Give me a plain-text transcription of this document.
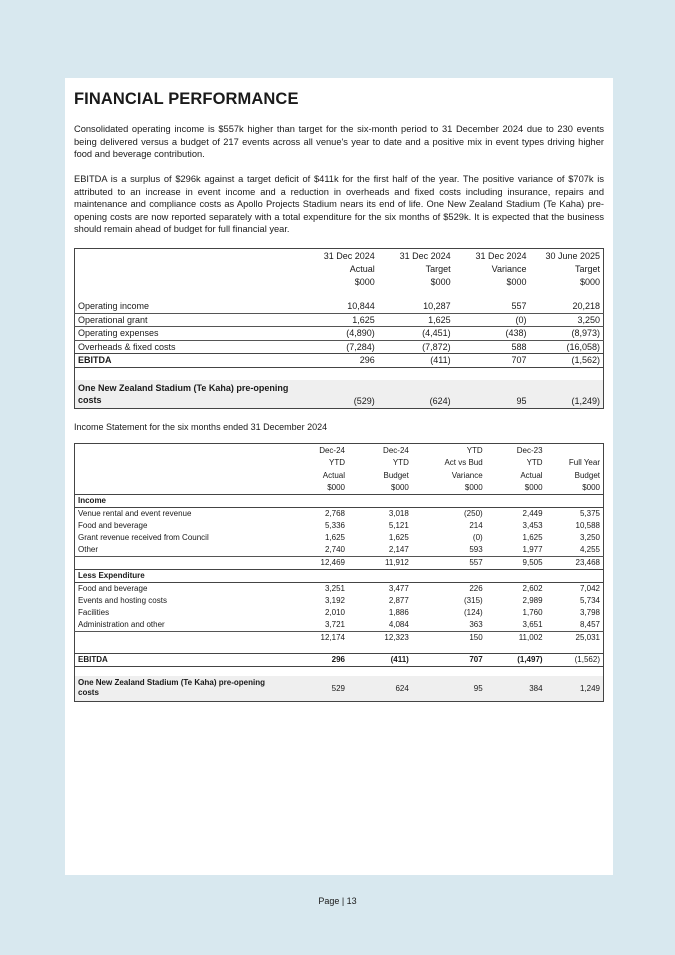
FINANCIAL PERFORMANCE

Consolidated operating income is $557k higher than target for the six-month period to 31 December 2024 due to 230 events being delivered versus a budget of 217 events across all venue's year to date and a positive mix in event types driving higher food and beverage contribution.

EBITDA is a surplus of $296k against a target deficit of $411k for the first half of the year. The positive variance of $707k is attributed to an increase in event income and a reduction in overheads and fixed costs including insurance, repairs and maintenance and compliance costs as Apollo Projects Stadium nears its end of life. One New Zealand Stadium (Te Kaha) pre-opening costs are now reported separately with a total expenditure for the six months of $529k. It is expected that the business should remain ahead of budget for full financial year.

	31 Dec 2024	31 Dec 2024	31 Dec 2024	30 June 2025
	Actual	Target	Variance	Target
	$000	$000	$000	$000

Operating income	10,844	10,287	557	20,218
Operational grant	1,625	1,625	(0)	3,250
Operating expenses	(4,890)	(4,451)	(438)	(8,973)
Overheads & fixed costs	(7,284)	(7,872)	588	(16,058)
EBITDA	296	(411)	707	(1,562)

One New Zealand Stadium (Te Kaha) pre-opening costs	(529)	(624)	95	(1,249)
Income Statement for the six months ended 31 December 2024
	Dec-24	Dec-24	YTD	Dec-23	
	YTD	YTD	Act vs Bud	YTD	Full Year
	Actual	Budget	Variance	Actual	Budget
	$000	$000	$000	$000	$000
Income					
Venue rental and event revenue	2,768	3,018	(250)	2,449	5,375
Food and beverage	5,336	5,121	214	3,453	10,588
Grant revenue received from Council	1,625	1,625	(0)	1,625	3,250
Other	2,740	2,147	593	1,977	4,255
	12,469	11,912	557	9,505	23,468
Less Expenditure					
Food and beverage	3,251	3,477	226	2,602	7,042
Events and hosting costs	3,192	2,877	(315)	2,989	5,734
Facilities	2,010	1,886	(124)	1,760	3,798
Administration and other	3,721	4,084	363	3,651	8,457
	12,174	12,323	150	11,002	25,031

EBITDA	296	(411)	707	(1,497)	(1,562)

One New Zealand Stadium (Te Kaha) pre-opening costs	529	624	95	384	1,249
Page | 13
